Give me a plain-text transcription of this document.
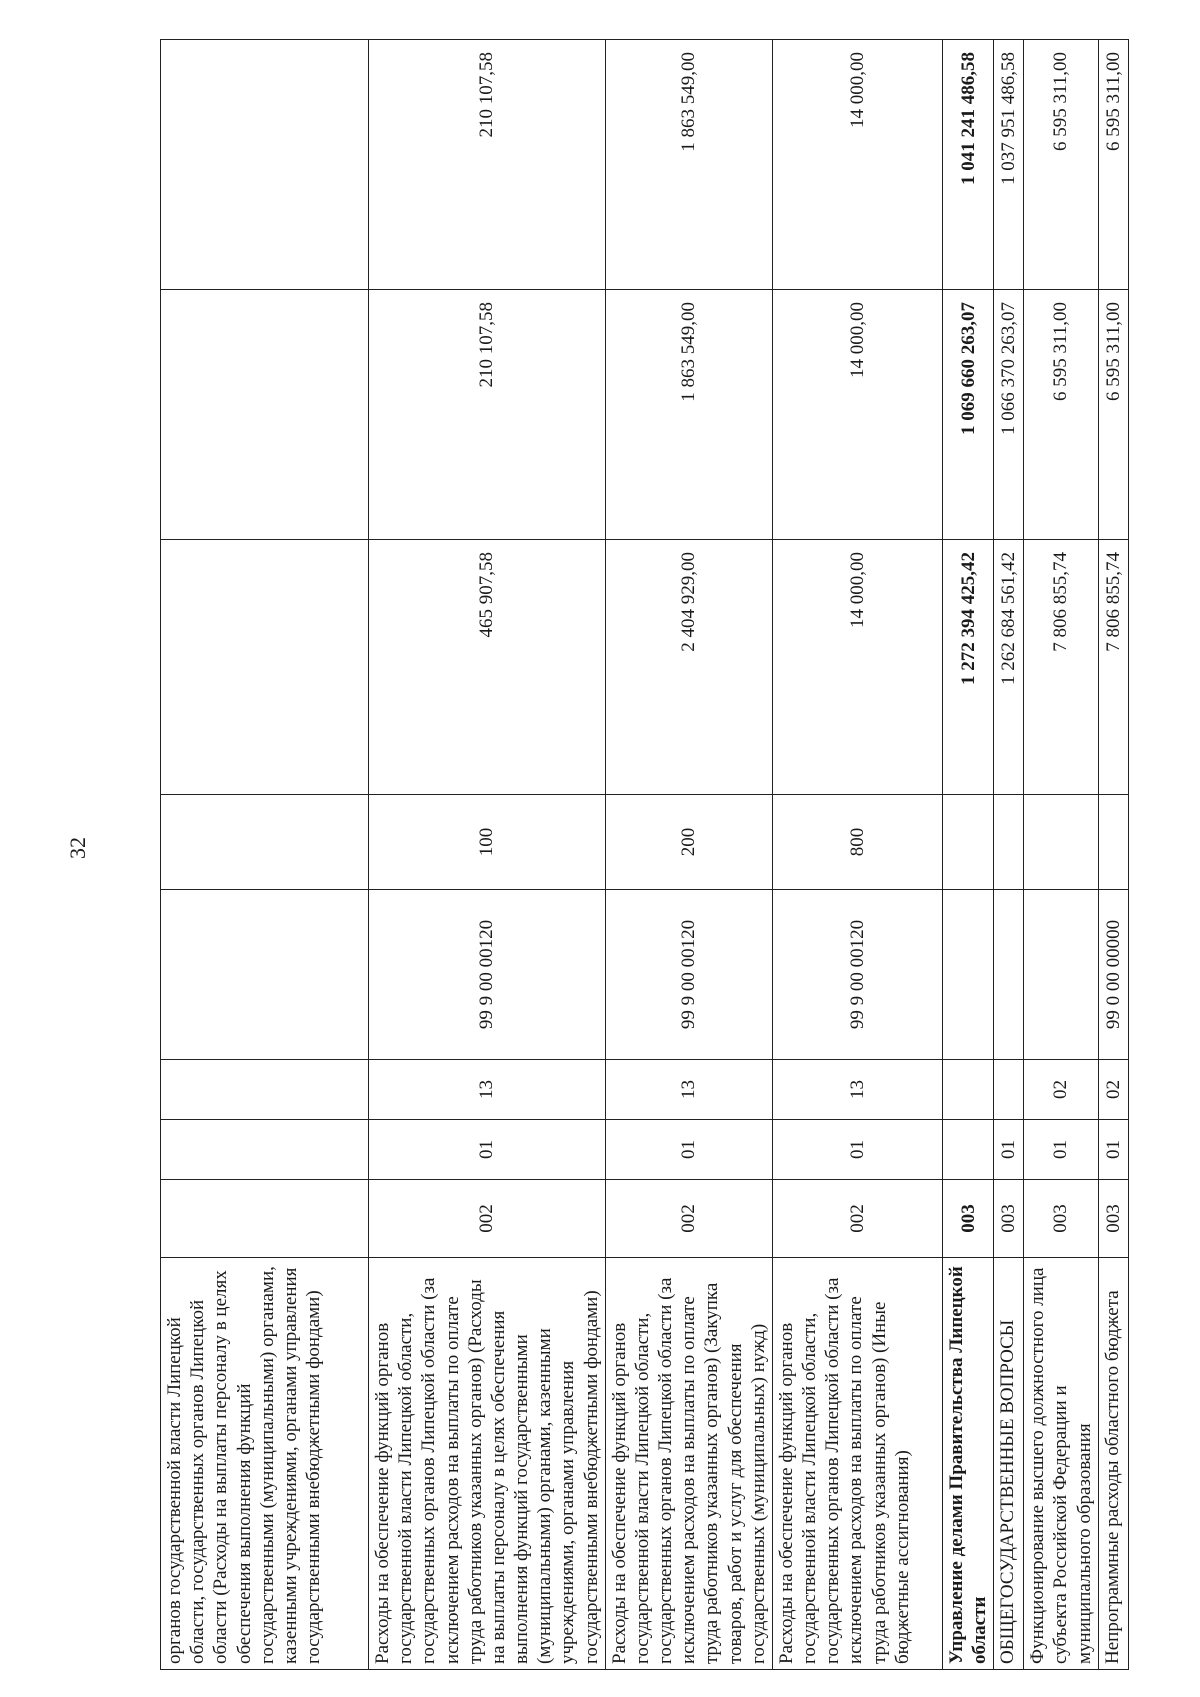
32
органов государственной власти Липецкой области, государственных органов Липецкой области (Расходы на выплаты персоналу в целях обеспечения выполнения функций государственными (муниципальными) органами, казенными учреждениями, органами управления государственными внебюджетными фондами)								
Расходы на обеспечение функций органов государственной власти Липецкой области, государственных органов Липецкой области (за исключением расходов на выплаты по оплате труда работников указанных органов) (Расходы на выплаты персоналу в целях обеспечения выполнения функций государственными (муниципальными) органами, казенными учреждениями, органами управления государственными внебюджетными фондами)	002	01	13	99 9 00 00120	100	465 907,58	210 107,58	210 107,58
Расходы на обеспечение функций органов государственной власти Липецкой области, государственных органов Липецкой области (за исключением расходов на выплаты по оплате труда работников указанных органов) (Закупка товаров, работ и услуг для обеспечения государственных (муниципальных) нужд)	002	01	13	99 9 00 00120	200	2 404 929,00	1 863 549,00	1 863 549,00
Расходы на обеспечение функций органов государственной власти Липецкой области, государственных органов Липецкой области (за исключением расходов на выплаты по оплате труда работников указанных органов) (Иные бюджетные ассигнования)	002	01	13	99 9 00 00120	800	14 000,00	14 000,00	14 000,00
Управление делами Правительства Липецкой области	003					1 272 394 425,42	1 069 660 263,07	1 041 241 486,58
ОБЩЕГОСУДАРСТВЕННЫЕ ВОПРОСЫ	003	01				1 262 684 561,42	1 066 370 263,07	1 037 951 486,58
Функционирование высшего должностного лица субъекта Российской Федерации и муниципального образования	003	01	02			7 806 855,74	6 595 311,00	6 595 311,00
Непрограммные расходы областного бюджета	003	01	02	99 0 00 00000		7 806 855,74	6 595 311,00	6 595 311,00
